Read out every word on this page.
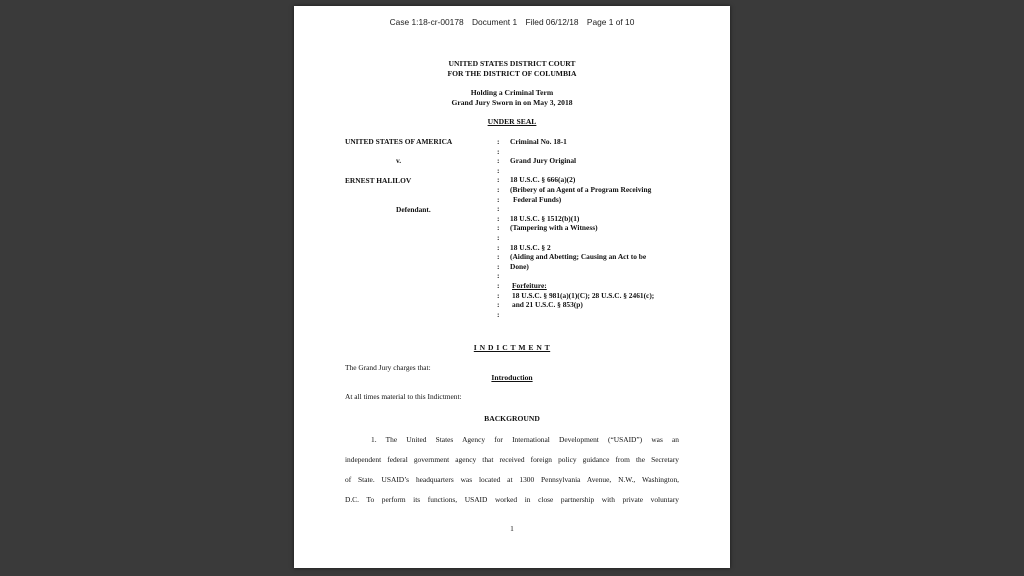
Case 1:18-cr-00178 Document 1 Filed 06/12/18 Page 1 of 10
UNITED STATES DISTRICT COURT
FOR THE DISTRICT OF COLUMBIA
Holding a Criminal Term
Grand Jury Sworn in on May 3, 2018
UNDER SEAL
UNITED STATES OF AMERICA
v.
ERNEST HALILOV
Defendant.
:
:
:
:
:
:
:
:
:
:
:
:
:
:
:
:
:
:
:
Criminal No. 18-1
Grand Jury Original
18 U.S.C. § 666(a)(2)
(Bribery of an Agent of a Program Receiving
Federal Funds)
18 U.S.C. § 1512(b)(1)
(Tampering with a Witness)
18 U.S.C. § 2
(Aiding and Abetting; Causing an Act to be
Done)
Forfeiture:
18 U.S.C. § 981(a)(1)(C); 28 U.S.C. § 2461(c);
and 21 U.S.C. § 853(p)
I N D I C T M E N T
The Grand Jury charges that:
Introduction
At all times material to this Indictment:
BACKGROUND
1. The United States Agency for International Development (“USAID”) was an
independent federal government agency that received foreign policy guidance from the Secretary
of State. USAID’s headquarters was located at 1300 Pennsylvania Avenue, N.W., Washington,
D.C. To perform its functions, USAID worked in close partnership with private voluntary
1
